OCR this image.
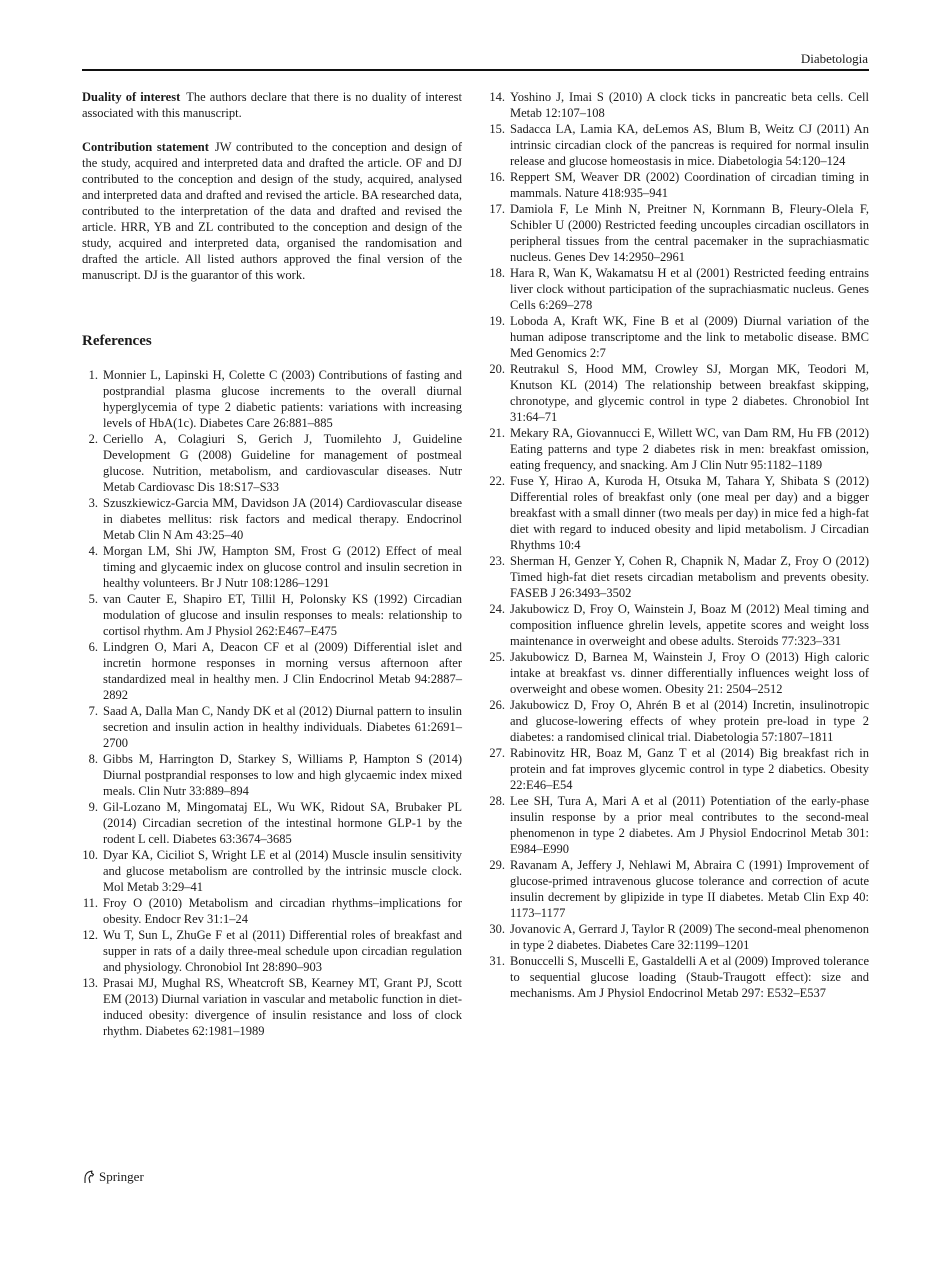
Diabetologia

Duality of interest The authors declare that there is no duality of interest associated with this manuscript.

Contribution statement JW contributed to the conception and design of the study, acquired and interpreted data and drafted the article. OF and DJ contributed to the conception and design of the study, acquired, analysed and interpreted data and drafted and revised the article. BA researched data, contributed to the interpretation of the data and drafted and revised the article. HRR, YB and ZL contributed to the conception and design of the study, acquired and interpreted data, organised the randomisation and drafted the article. All listed authors approved the final version of the manuscript. DJ is the guarantor of this work.

References
1. Monnier L, Lapinski H, Colette C (2003) Contributions of fasting and postprandial plasma glucose increments to the overall diurnal hyperglycemia of type 2 diabetic patients: variations with increasing levels of HbA(1c). Diabetes Care 26:881–885
2. Ceriello A, Colagiuri S, Gerich J, Tuomilehto J, Guideline Development G (2008) Guideline for management of postmeal glucose. Nutrition, metabolism, and cardiovascular diseases. Nutr Metab Cardiovasc Dis 18:S17–S33
3. Szuszkiewicz-Garcia MM, Davidson JA (2014) Cardiovascular disease in diabetes mellitus: risk factors and medical therapy. Endocrinol Metab Clin N Am 43:25–40
4. Morgan LM, Shi JW, Hampton SM, Frost G (2012) Effect of meal timing and glycaemic index on glucose control and insulin secretion in healthy volunteers. Br J Nutr 108:1286–1291
5. van Cauter E, Shapiro ET, Tillil H, Polonsky KS (1992) Circadian modulation of glucose and insulin responses to meals: relationship to cortisol rhythm. Am J Physiol 262:E467–E475
6. Lindgren O, Mari A, Deacon CF et al (2009) Differential islet and incretin hormone responses in morning versus afternoon after standardized meal in healthy men. J Clin Endocrinol Metab 94:2887–2892
7. Saad A, Dalla Man C, Nandy DK et al (2012) Diurnal pattern to insulin secretion and insulin action in healthy individuals. Diabetes 61:2691–2700
8. Gibbs M, Harrington D, Starkey S, Williams P, Hampton S (2014) Diurnal postprandial responses to low and high glycaemic index mixed meals. Clin Nutr 33:889–894
9. Gil-Lozano M, Mingomataj EL, Wu WK, Ridout SA, Brubaker PL (2014) Circadian secretion of the intestinal hormone GLP-1 by the rodent L cell. Diabetes 63:3674–3685
10. Dyar KA, Ciciliot S, Wright LE et al (2014) Muscle insulin sensitivity and glucose metabolism are controlled by the intrinsic muscle clock. Mol Metab 3:29–41
11. Froy O (2010) Metabolism and circadian rhythms–implications for obesity. Endocr Rev 31:1–24
12. Wu T, Sun L, ZhuGe F et al (2011) Differential roles of breakfast and supper in rats of a daily three-meal schedule upon circadian regulation and physiology. Chronobiol Int 28:890–903
13. Prasai MJ, Mughal RS, Wheatcroft SB, Kearney MT, Grant PJ, Scott EM (2013) Diurnal variation in vascular and metabolic function in diet-induced obesity: divergence of insulin resistance and loss of clock rhythm. Diabetes 62:1981–1989
14. Yoshino J, Imai S (2010) A clock ticks in pancreatic beta cells. Cell Metab 12:107–108
15. Sadacca LA, Lamia KA, deLemos AS, Blum B, Weitz CJ (2011) An intrinsic circadian clock of the pancreas is required for normal insulin release and glucose homeostasis in mice. Diabetologia 54:120–124
16. Reppert SM, Weaver DR (2002) Coordination of circadian timing in mammals. Nature 418:935–941
17. Damiola F, Le Minh N, Preitner N, Kornmann B, Fleury-Olela F, Schibler U (2000) Restricted feeding uncouples circadian oscillators in peripheral tissues from the central pacemaker in the suprachiasmatic nucleus. Genes Dev 14:2950–2961
18. Hara R, Wan K, Wakamatsu H et al (2001) Restricted feeding entrains liver clock without participation of the suprachiasmatic nucleus. Genes Cells 6:269–278
19. Loboda A, Kraft WK, Fine B et al (2009) Diurnal variation of the human adipose transcriptome and the link to metabolic disease. BMC Med Genomics 2:7
20. Reutrakul S, Hood MM, Crowley SJ, Morgan MK, Teodori M, Knutson KL (2014) The relationship between breakfast skipping, chronotype, and glycemic control in type 2 diabetes. Chronobiol Int 31:64–71
21. Mekary RA, Giovannucci E, Willett WC, van Dam RM, Hu FB (2012) Eating patterns and type 2 diabetes risk in men: breakfast omission, eating frequency, and snacking. Am J Clin Nutr 95:1182–1189
22. Fuse Y, Hirao A, Kuroda H, Otsuka M, Tahara Y, Shibata S (2012) Differential roles of breakfast only (one meal per day) and a bigger breakfast with a small dinner (two meals per day) in mice fed a high-fat diet with regard to induced obesity and lipid metabolism. J Circadian Rhythms 10:4
23. Sherman H, Genzer Y, Cohen R, Chapnik N, Madar Z, Froy O (2012) Timed high-fat diet resets circadian metabolism and prevents obesity. FASEB J 26:3493–3502
24. Jakubowicz D, Froy O, Wainstein J, Boaz M (2012) Meal timing and composition influence ghrelin levels, appetite scores and weight loss maintenance in overweight and obese adults. Steroids 77:323–331
25. Jakubowicz D, Barnea M, Wainstein J, Froy O (2013) High caloric intake at breakfast vs. dinner differentially influences weight loss of overweight and obese women. Obesity 21: 2504–2512
26. Jakubowicz D, Froy O, Ahrén B et al (2014) Incretin, insulinotropic and glucose-lowering effects of whey protein pre-load in type 2 diabetes: a randomised clinical trial. Diabetologia 57:1807–1811
27. Rabinovitz HR, Boaz M, Ganz T et al (2014) Big breakfast rich in protein and fat improves glycemic control in type 2 diabetics. Obesity 22:E46–E54
28. Lee SH, Tura A, Mari A et al (2011) Potentiation of the early-phase insulin response by a prior meal contributes to the second-meal phenomenon in type 2 diabetes. Am J Physiol Endocrinol Metab 301: E984–E990
29. Ravanam A, Jeffery J, Nehlawi M, Abraira C (1991) Improvement of glucose-primed intravenous glucose tolerance and correction of acute insulin decrement by glipizide in type II diabetes. Metab Clin Exp 40: 1173–1177
30. Jovanovic A, Gerrard J, Taylor R (2009) The second-meal phenomenon in type 2 diabetes. Diabetes Care 32:1199–1201
31. Bonuccelli S, Muscelli E, Gastaldelli A et al (2009) Improved tolerance to sequential glucose loading (Staub-Traugott effect): size and mechanisms. Am J Physiol Endocrinol Metab 297: E532–E537
Springer
